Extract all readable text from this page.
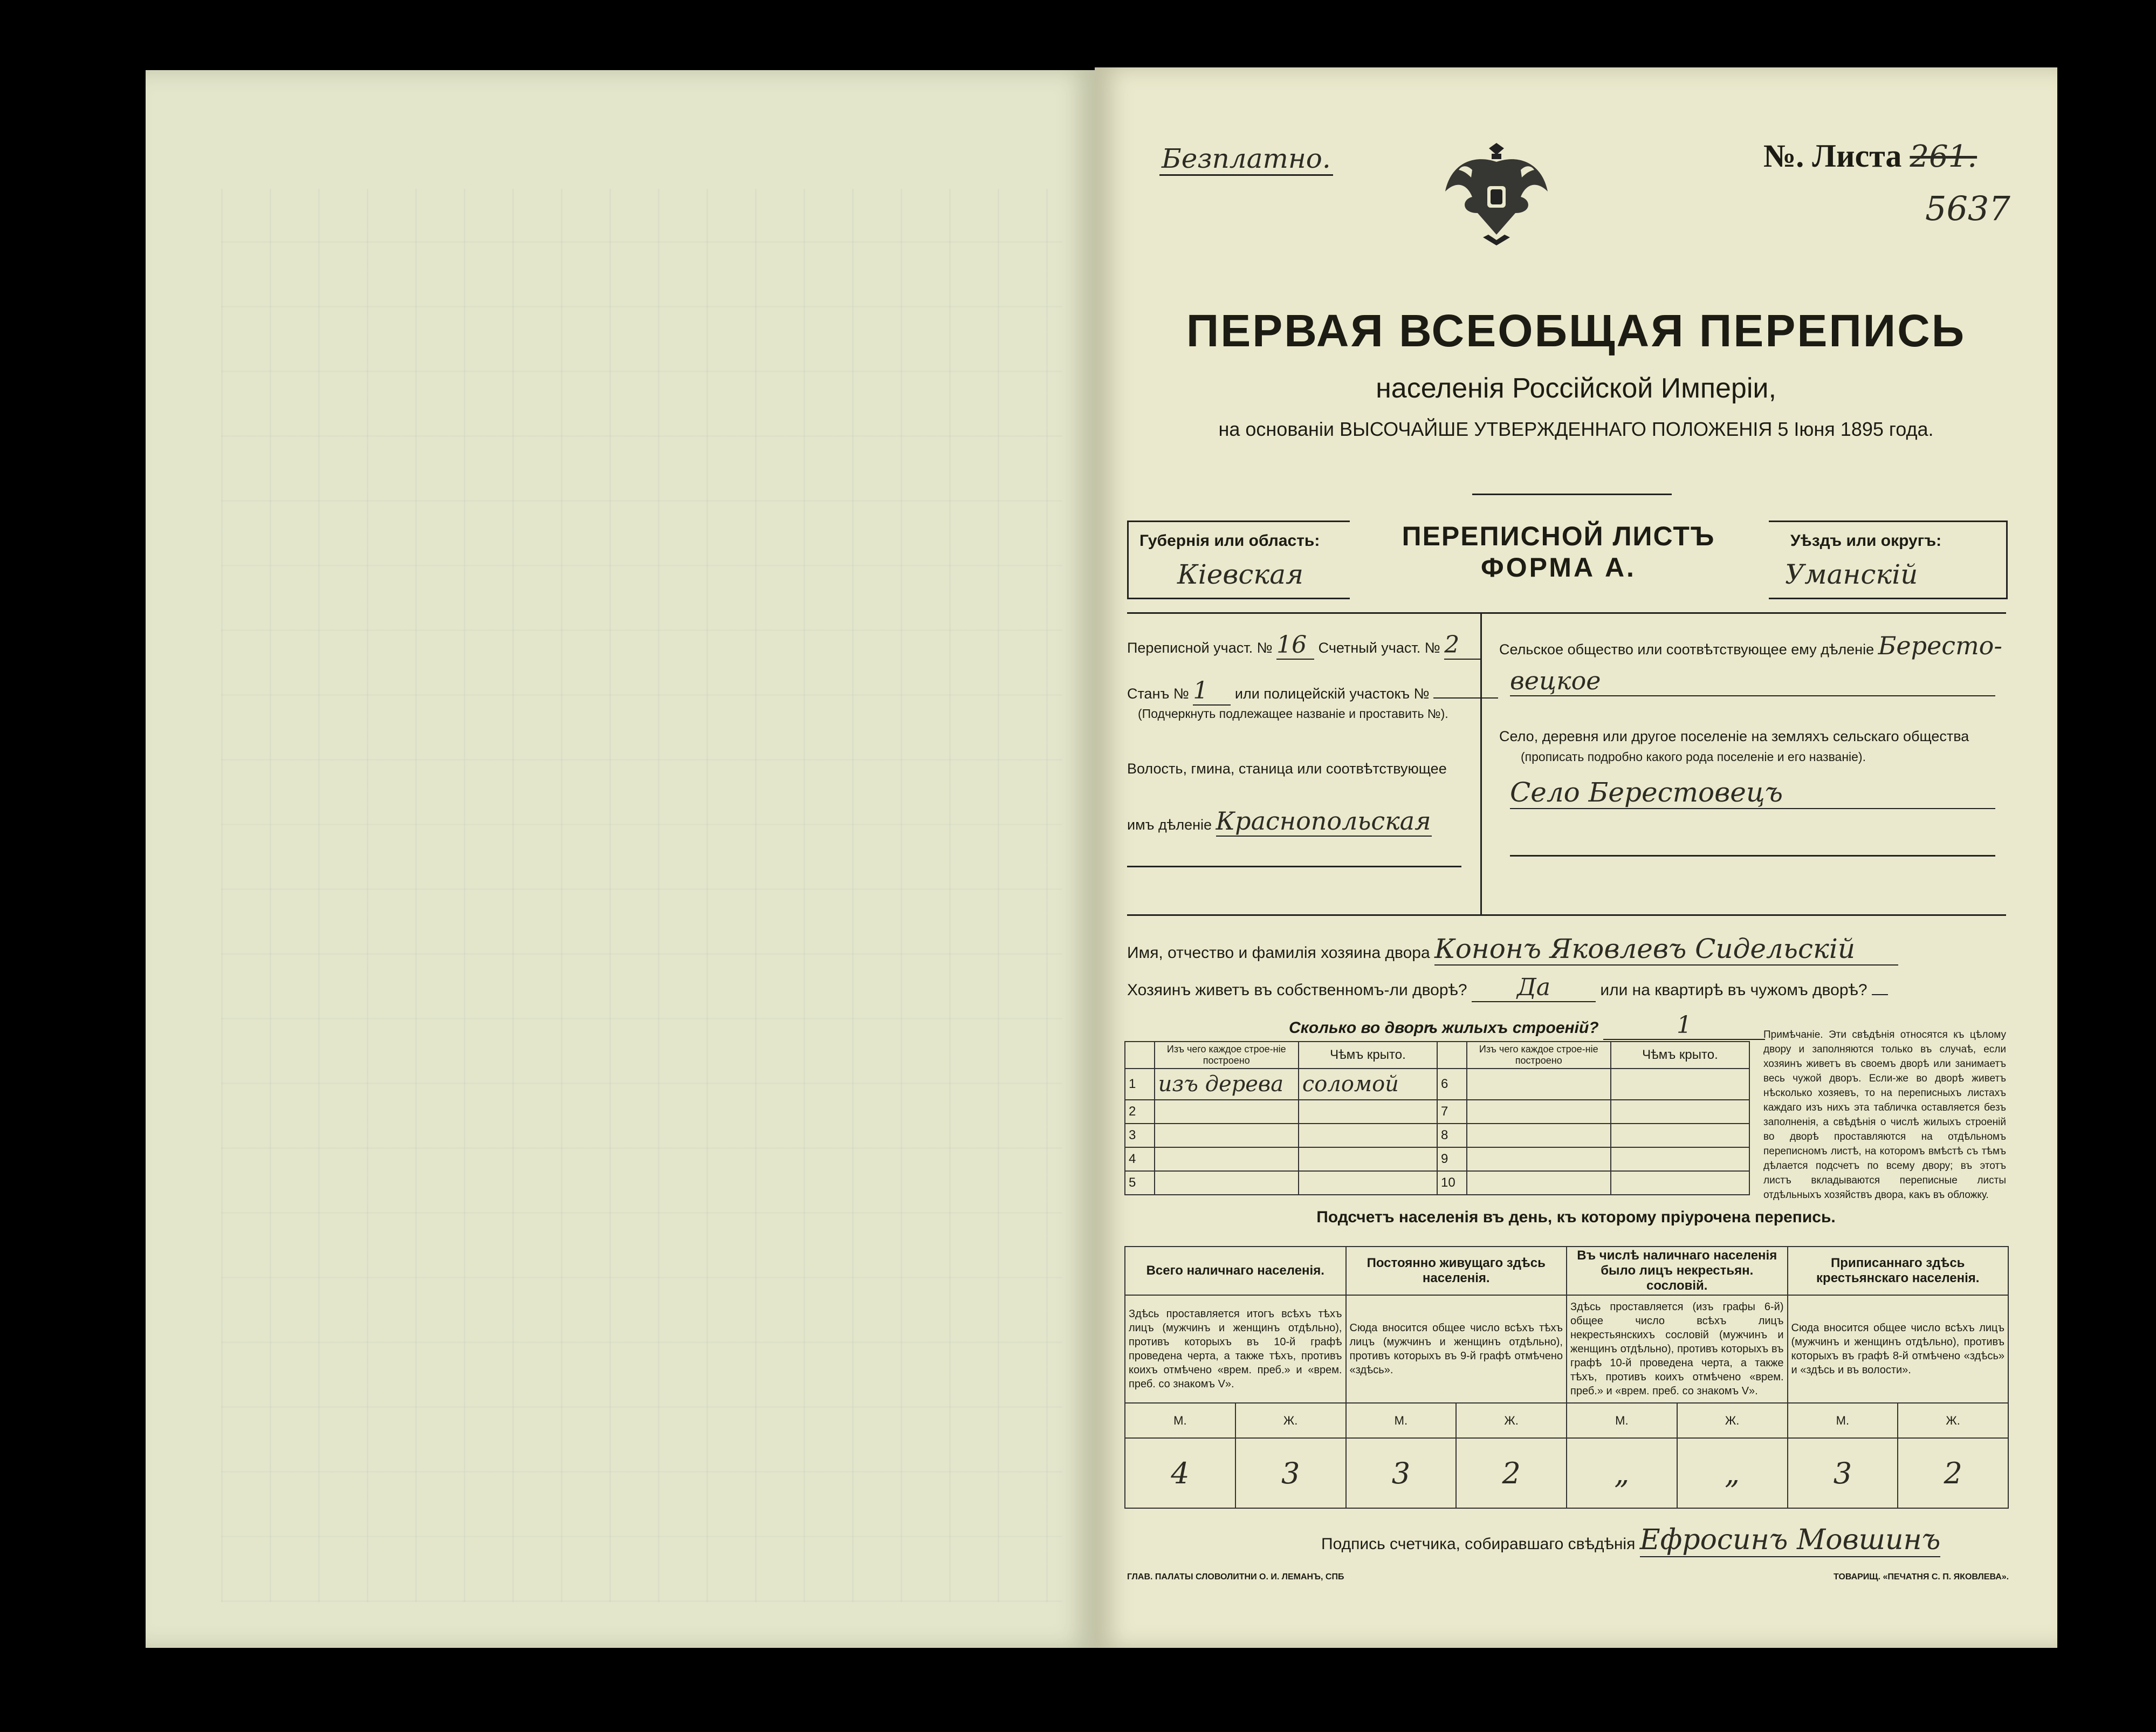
Безплатно.	№. Листа 261.
5637
ПЕРВАЯ ВСЕОБЩАЯ ПЕРЕПИСЬ
населенія Россійской Имперіи,
на основаніи ВЫСОЧАЙШЕ УТВЕРЖДЕННАГО ПОЛОЖЕНІЯ 5 Іюня 1895 года.
Губернія или область:
Кіевская
ПЕРЕПИСНОЙ ЛИСТЪ
ФОРМА А.
Уѣздъ или округъ:
Уманскій
Переписной участ. № 16 Счетный участ. № 2
Станъ № 1 или полицейскій участокъ №
(Подчеркнуть подлежащее названіе и проставить №).
Волость, гмина, станица или соотвѣтствующее
имъ дѣленіе Краснопольская
Сельское общество или соотвѣтствующее ему дѣленіе Бересто-
вецкое
Село, деревня или другое поселеніе на земляхъ сельскаго общества
(прописать подробно какого рода поселеніе и его названіе).
Село Берестовецъ
Имя, отчество и фамилія хозяина двора Кононъ Яковлевъ Сидельскій
Хозяинъ живетъ въ собственномъ-ли дворѣ? Да	или на квартирѣ въ чужомъ дворѣ?
Сколько во дворѣ жилыхъ строеній?	1
	Изъ чего каждое строе-ніе построено	Чѣмъ крыто.		Изъ чего каждое строе-ніе построено	Чѣмъ крыто.
1	изъ дерева	соломой	6		
2			7		
3			8		
4			9		
5			10		
Примѣчаніе. Эти свѣдѣнія относятся къ цѣлому двору и заполняются только въ случаѣ, если хозяинъ живетъ въ своемъ дворѣ или занимаетъ весь чужой дворъ. Если-же во дворѣ живетъ нѣсколько хозяевъ, то на переписныхъ листахъ каждаго изъ нихъ эта табличка оставляется безъ заполненія, а свѣдѣнія о числѣ жилыхъ строеній во дворѣ проставляются на отдѣльномъ переписномъ листѣ, на которомъ вмѣстѣ съ тѣмъ дѣлается подсчетъ по всему двору; въ этотъ листъ вкладываются переписные листы отдѣльныхъ хозяйствъ двора, какъ въ обложку.
Подсчетъ населенія въ день, къ которому пріурочена перепись.
Всего наличнаго населенія.		Постоянно живущаго здѣсь населенія.		Въ числѣ наличнаго населенія было лицъ некрестьян. сословій.		Приписаннаго здѣсь крестьянскаго населенія.	
Здѣсь проставляется итогъ всѣхъ тѣхъ лицъ (мужчинъ и женщинъ отдѣльно), противъ которыхъ въ 10-й графѣ проведена черта, а также тѣхъ, противъ коихъ отмѣчено «врем. преб.» и «врем. преб. со знакомъ V».		Сюда вносится общее число всѣхъ тѣхъ лицъ (мужчинъ и женщинъ отдѣльно), противъ которыхъ въ 9-й графѣ отмѣчено «здѣсь».		Здѣсь проставляется (изъ графы 6-й) общее число всѣхъ лицъ некрестьянскихъ сословій (мужчинъ и женщинъ отдѣльно), противъ которыхъ въ графѣ 10-й проведена черта, а также тѣхъ, противъ коихъ отмѣчено «врем. преб.» и «врем. преб. со знакомъ V».		Сюда вносится общее число всѣхъ лицъ (мужчинъ и женщинъ отдѣльно), противъ которыхъ въ графѣ 8-й отмѣчено «здѣсь» и «здѣсь и въ волости».	
М.	Ж.	М.	Ж.	М.	Ж.	М.	Ж.
4	3	3	2	„	„	3	2
Подпись счетчика, собиравшаго свѣдѣнія Ефросинъ Мовшинъ
ГЛАВ. ПАЛАТЫ СЛОВОЛИТНИ О. И. ЛЕМАНЪ, СПБ	ТОВАРИЩ. «ПЕЧАТНЯ С. П. ЯКОВЛЕВА».
